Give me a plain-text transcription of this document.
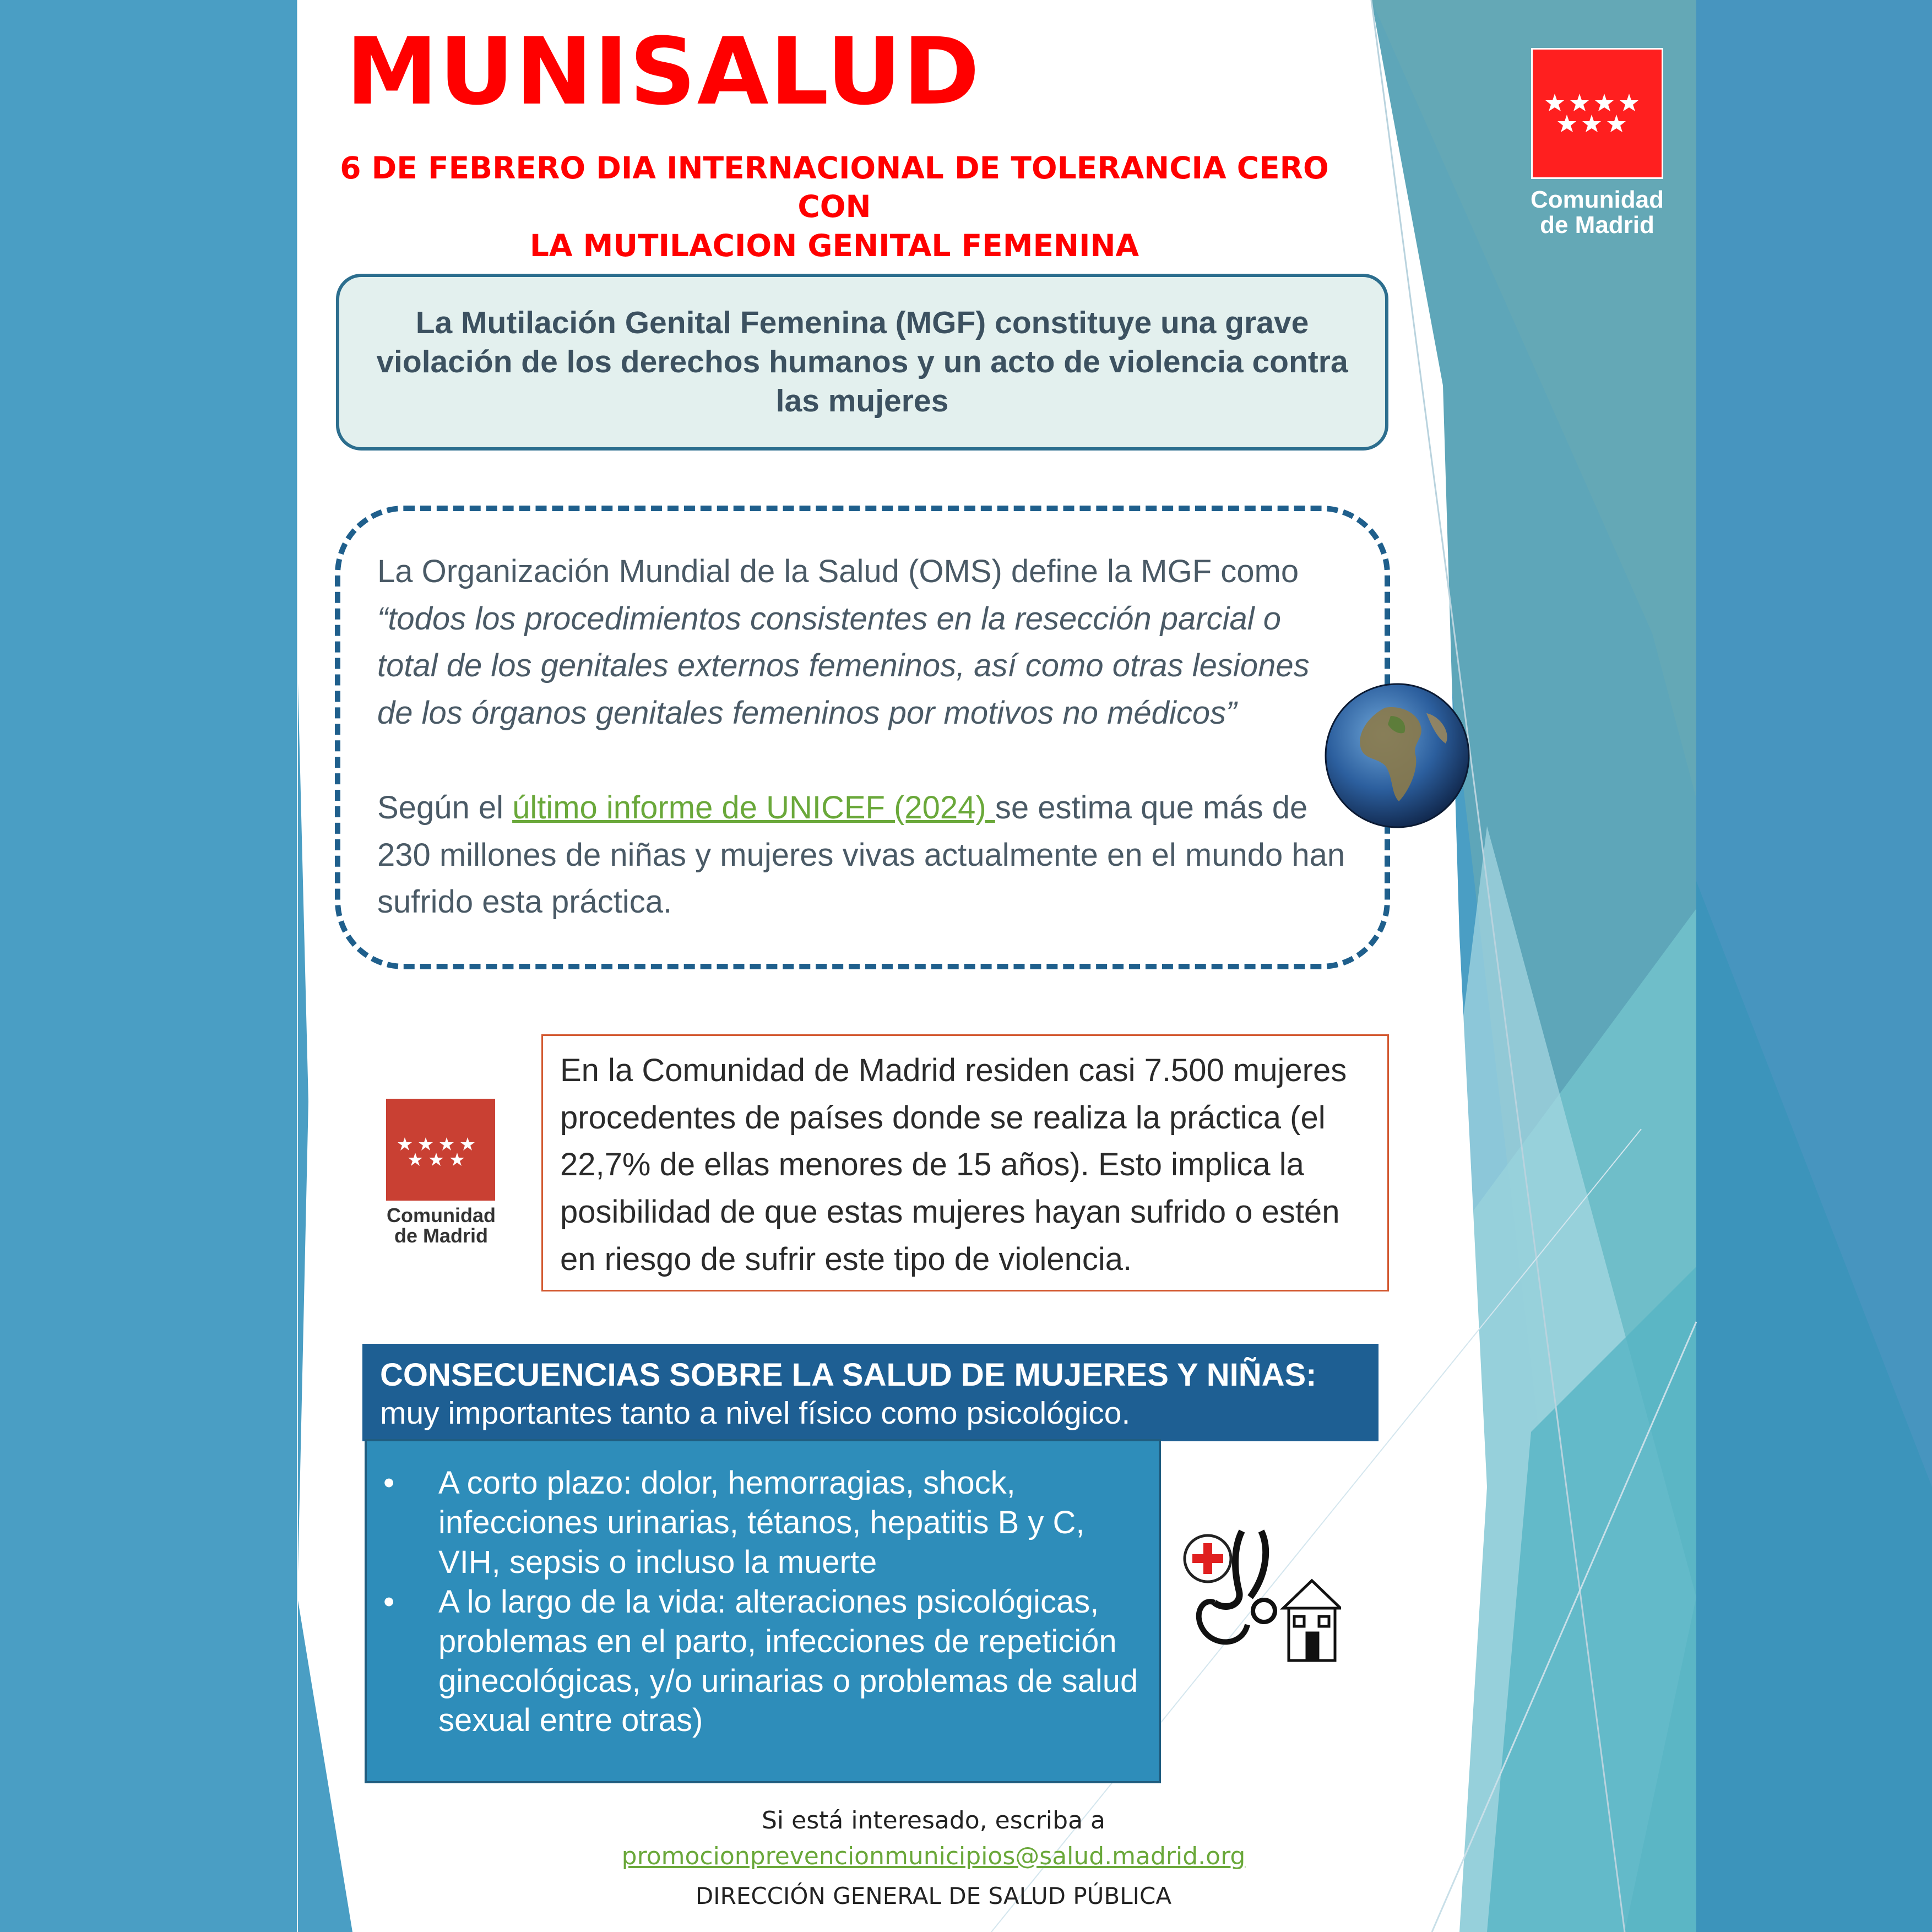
MUNISALUD
6 DE FEBRERO DIA INTERNACIONAL DE TOLERANCIA CERO CON
LA MUTILACION GENITAL FEMENINA
Comunidad
de Madrid

La Mutilación Genital Femenina (MGF) constituye una grave violación de los derechos humanos y un acto de violencia contra las mujeres

La Organización Mundial de la Salud (OMS) define la MGF como

“todos los procedimientos consistentes en la resección parcial o total de los genitales externos femeninos, así como otras lesiones de los órganos genitales femeninos por motivos no médicos”

Según el último informe de UNICEF (2024) se estima que más de 230 millones de niñas y mujeres vivas actualmente en el mundo han sufrido esta práctica.

Comunidad
de Madrid

En la Comunidad de Madrid residen casi 7.500 mujeres procedentes de países donde se realiza la práctica (el 22,7% de ellas menores de 15 años). Esto implica la posibilidad de que estas mujeres hayan sufrido o estén en riesgo de sufrir este tipo de violencia.

CONSECUENCIAS SOBRE LA SALUD DE MUJERES Y NIÑAS:
muy importantes tanto a nivel físico como psicológico.
• A corto plazo: dolor, hemorragias, shock, infecciones urinarias, tétanos, hepatitis B y C, VIH, sepsis o incluso la muerte
• A lo largo de la vida: alteraciones psicológicas, problemas en el parto, infecciones de repetición ginecológicas, y/o urinarias o problemas de salud sexual entre otras)
Si está interesado, escriba a
promocionprevencionmunicipios@salud.madrid.org
DIRECCIÓN GENERAL DE SALUD PÚBLICA
